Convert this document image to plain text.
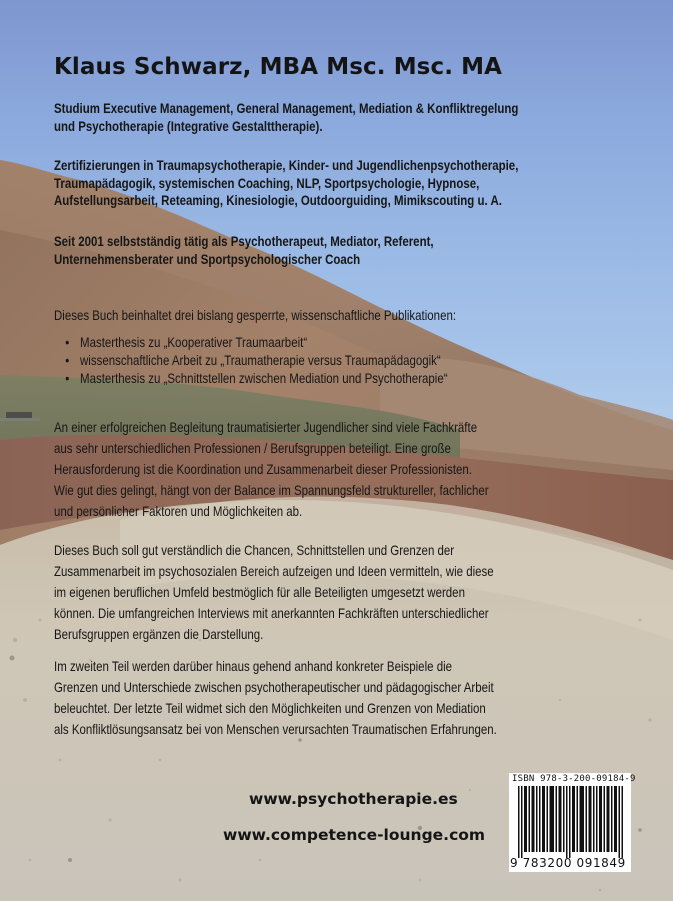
Klaus Schwarz, MBA Msc. Msc. MA
Studium Executive Management, General Management, Mediation & Konfliktregelung
und Psychotherapie (Integrative Gestalttherapie).
Zertifizierungen in Traumapsychotherapie, Kinder- und Jugendlichenpsychotherapie,
Traumapädagogik, systemischen Coaching, NLP, Sportpsychologie, Hypnose,
Aufstellungsarbeit, Reteaming, Kinesiologie, Outdoorguiding, Mimikscouting u. A.
Seit 2001 selbstständig tätig als Psychotherapeut, Mediator, Referent,
Unternehmensberater und Sportpsychologischer Coach
Dieses Buch beinhaltet drei bislang gesperrte, wissenschaftliche Publikationen:
• Masterthesis zu „Kooperativer Traumaarbeit“
• wissenschaftliche Arbeit zu „Traumatherapie versus Traumapädagogik“
• Masterthesis zu „Schnittstellen zwischen Mediation und Psychotherapie“
An einer erfolgreichen Begleitung traumatisierter Jugendlicher sind viele Fachkräfte
aus sehr unterschiedlichen Professionen / Berufsgruppen beteiligt. Eine große
Herausforderung ist die Koordination und Zusammenarbeit dieser Professionisten.
Wie gut dies gelingt, hängt von der Balance im Spannungsfeld struktureller, fachlicher
und persönlicher Faktoren und Möglichkeiten ab.
Dieses Buch soll gut verständlich die Chancen, Schnittstellen und Grenzen der
Zusammenarbeit im psychosozialen Bereich aufzeigen und Ideen vermitteln, wie diese
im eigenen beruflichen Umfeld bestmöglich für alle Beteiligten umgesetzt werden
können. Die umfangreichen Interviews mit anerkannten Fachkräften unterschiedlicher
Berufsgruppen ergänzen die Darstellung.
Im zweiten Teil werden darüber hinaus gehend anhand konkreter Beispiele die
Grenzen und Unterschiede zwischen psychotherapeutischer und pädagogischer Arbeit
beleuchtet. Der letzte Teil widmet sich den Möglichkeiten und Grenzen von Mediation
als Konfliktlösungsansatz bei von Menschen verursachten Traumatischen Erfahrungen.
www.psychotherapie.es
www.competence-lounge.com
ISBN 978-3-200-09184-9
9 783200 091849
